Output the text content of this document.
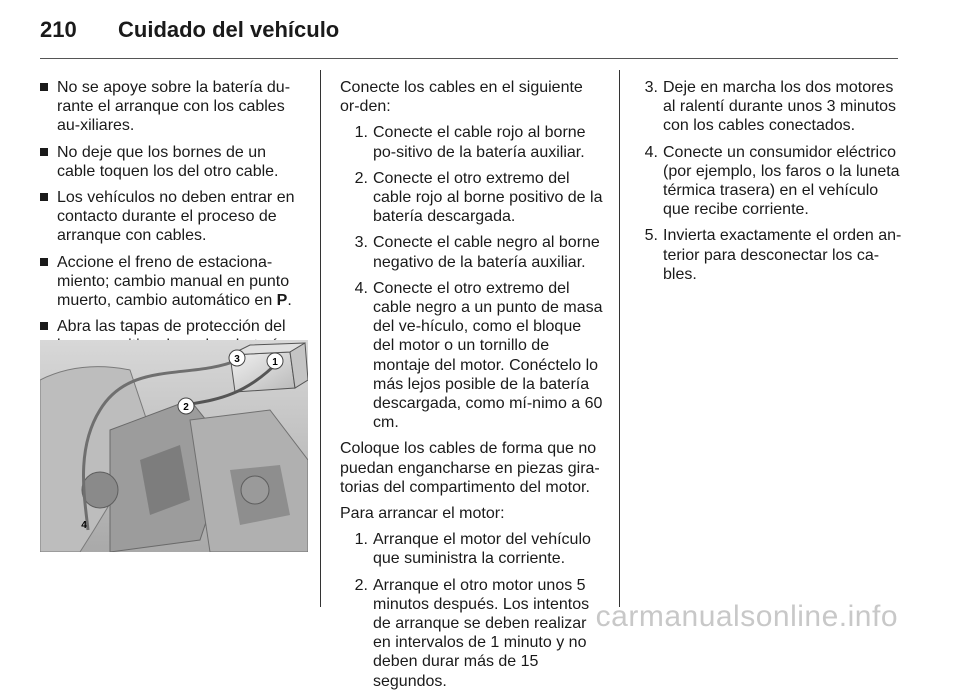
210	Cuidado del vehículo
No se apoye sobre la batería du-rante el arranque con los cables au-xiliares.
No deje que los bornes de un cable toquen los del otro cable.
Los vehículos no deben entrar en contacto durante el proceso de arranque con cables.
Accione el freno de estaciona-miento; cambio manual en punto muerto, cambio automático en P.
Abra las tapas de protección del
1
2
3
4
Conecte los cables en el siguiente or-den:
1. Conecte el cable rojo al borne po-sitivo de la batería auxiliar.
2. Conecte el otro extremo del cable rojo al borne positivo de la batería descargada.
3. Conecte el cable negro al borne negativo de la batería auxiliar.
4. Conecte el otro extremo del cable negro a un punto de masa del ve-hículo, como el bloque del motor o un tornillo de montaje del motor. Conéctelo lo más lejos posible de la batería descargada, como mí-nimo a 60 cm.
Coloque los cables de forma que no puedan engancharse en piezas gira-torias del compartimento del motor.
Para arrancar el motor:
1. Arranque el motor del vehículo que suministra la corriente.
2. Arranque el otro motor unos 5 minutos después. Los intentos de arranque se deben realizar en intervalos de 1 minuto y no deben durar más de 15 segundos.
3. Deje en marcha los dos motores al ralentí durante unos 3 minutos con los cables conectados.
4. Conecte un consumidor eléctrico (por ejemplo, los faros o la luneta térmica trasera) en el vehículo que recibe corriente.
5. Invierta exactamente el orden an-terior para desconectar los ca-bles.
carmanualsonline.info
